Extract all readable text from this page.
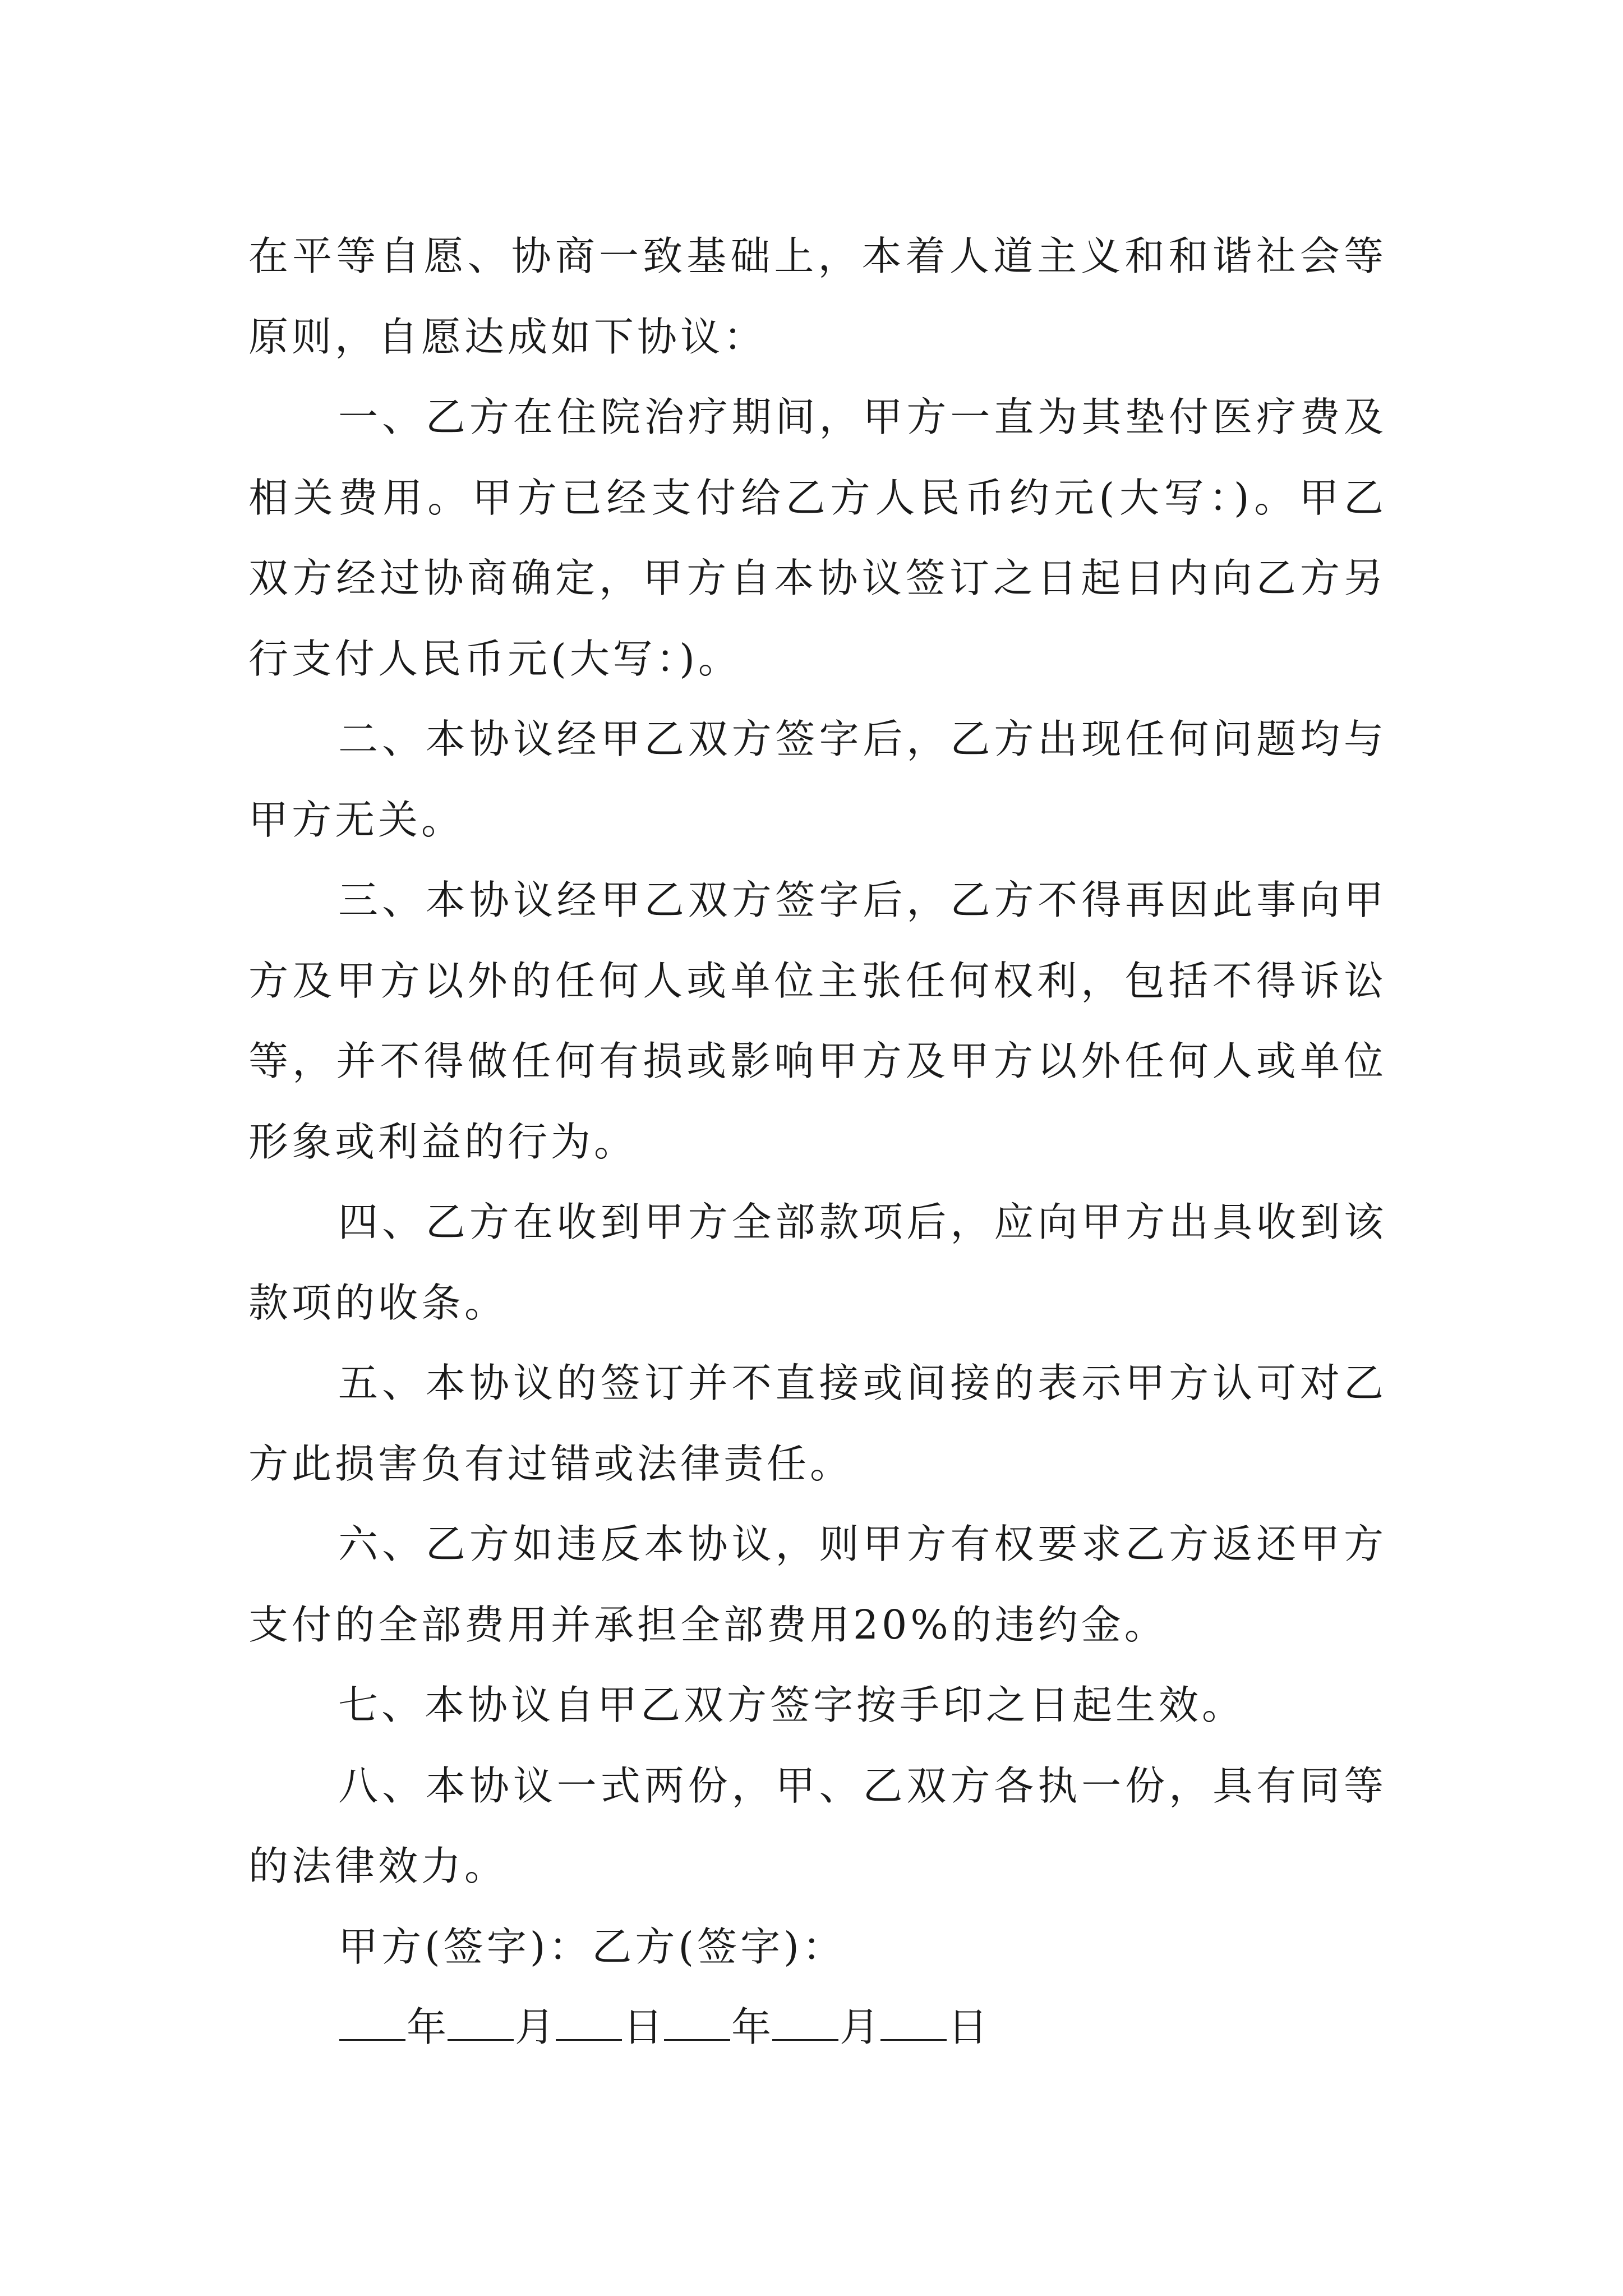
在平等自愿、协商一致基础上，本着人道主义和和谐社会等原则，自愿达成如下协议：

一、乙方在住院治疗期间，甲方一直为其垫付医疗费及相关费用。甲方已经支付给乙方人民币约元(大写：)。甲乙双方经过协商确定，甲方自本协议签订之日起日内向乙方另行支付人民币元(大写：)。

二、本协议经甲乙双方签字后，乙方出现任何问题均与甲方无关。

三、本协议经甲乙双方签字后，乙方不得再因此事向甲方及甲方以外的任何人或单位主张任何权利，包括不得诉讼等，并不得做任何有损或影响甲方及甲方以外任何人或单位形象或利益的行为。

四、乙方在收到甲方全部款项后，应向甲方出具收到该款项的收条。

五、本协议的签订并不直接或间接的表示甲方认可对乙方此损害负有过错或法律责任。

六、乙方如违反本协议，则甲方有权要求乙方返还甲方支付的全部费用并承担全部费用20%的违约金。

七、本协议自甲乙双方签字按手印之日起生效。

八、本协议一式两份，甲、乙双方各执一份，具有同等的法律效力。

甲方(签字)：乙方(签字)：

年 月 日 年 月 日
